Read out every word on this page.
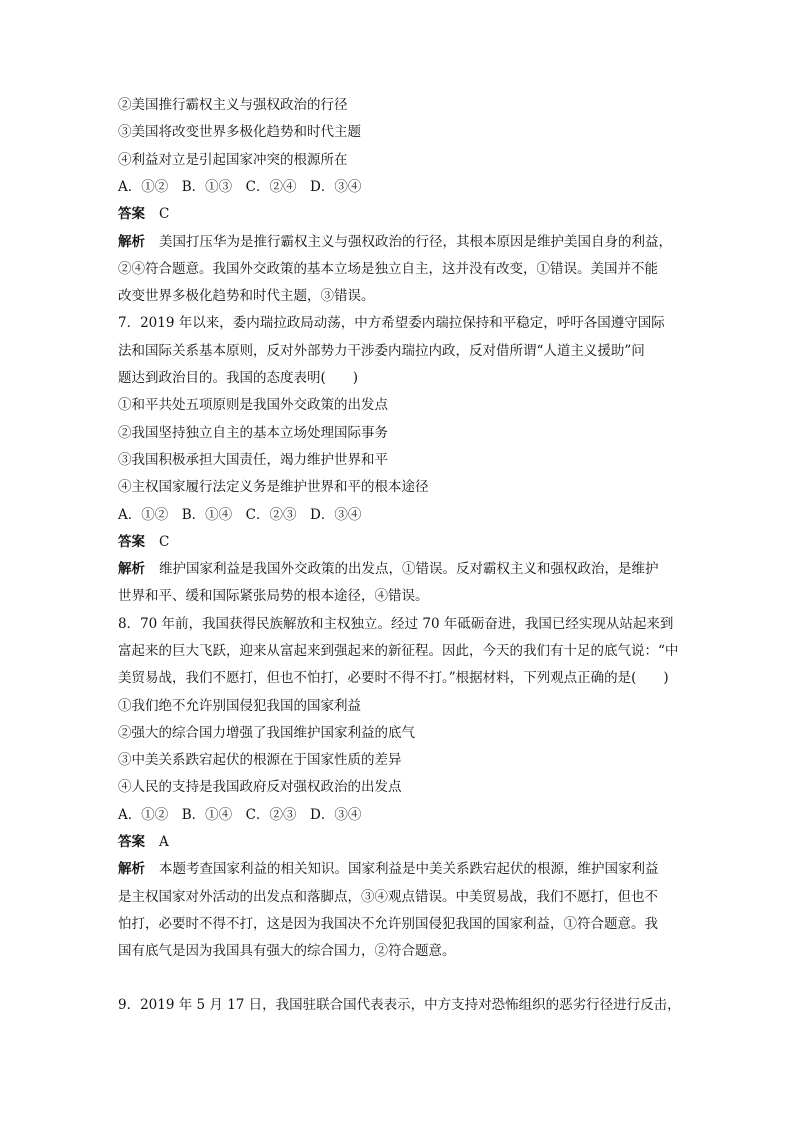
②美国推行霸权主义与强权政治的行径
③美国将改变世界多极化趋势和时代主题
④利益对立是引起国家冲突的根源所在
A．①②　B．①③　C．②④　D．③④
答案 C
解析 美国打压华为是推行霸权主义与强权政治的行径，其根本原因是维护美国自身的利益，
②④符合题意。我国外交政策的基本立场是独立自主，这并没有改变，①错误。美国并不能
改变世界多极化趋势和时代主题，③错误。
7．2019 年以来，委内瑞拉政局动荡，中方希望委内瑞拉保持和平稳定，呼吁各国遵守国际
法和国际关系基本原则，反对外部势力干涉委内瑞拉内政，反对借所谓“人道主义援助”问
题达到政治目的。我国的态度表明(　　)
①和平共处五项原则是我国外交政策的出发点
②我国坚持独立自主的基本立场处理国际事务
③我国积极承担大国责任，竭力维护世界和平
④主权国家履行法定义务是维护世界和平的根本途径
A．①②　B．①④　C．②③　D．③④
答案 C
解析 维护国家利益是我国外交政策的出发点，①错误。反对霸权主义和强权政治，是维护
世界和平、缓和国际紧张局势的根本途径，④错误。
8．70 年前，我国获得民族解放和主权独立。经过 70 年砥砺奋进，我国已经实现从站起来到
富起来的巨大飞跃，迎来从富起来到强起来的新征程。因此，今天的我们有十足的底气说：“中
美贸易战，我们不愿打，但也不怕打，必要时不得不打。”根据材料，下列观点正确的是(　　)
①我们绝不允许别国侵犯我国的国家利益
②强大的综合国力增强了我国维护国家利益的底气
③中美关系跌宕起伏的根源在于国家性质的差异
④人民的支持是我国政府反对强权政治的出发点
A．①②　B．①④　C．②③　D．③④
答案 A
解析 本题考查国家利益的相关知识。国家利益是中美关系跌宕起伏的根源，维护国家利益
是主权国家对外活动的出发点和落脚点，③④观点错误。中美贸易战，我们不愿打，但也不
怕打，必要时不得不打，这是因为我国决不允许别国侵犯我国的国家利益，①符合题意。我
国有底气是因为我国具有强大的综合国力，②符合题意。
9．2019 年 5 月 17 日，我国驻联合国代表表示，中方支持对恐怖组织的恶劣行径进行反击，
